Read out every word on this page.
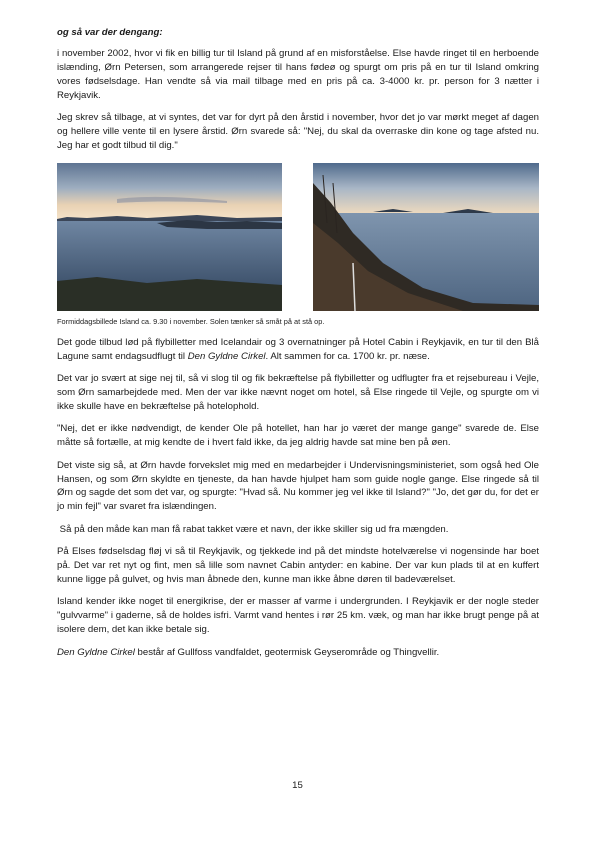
og så var der dengang:

i november 2002, hvor vi fik en billig tur til Island på grund af en misforståelse. Else havde ringet til en herboende islænding, Ørn Petersen, som arrangerede rejser til hans fødeø og spurgt om pris på en tur til Island omkring vores fødselsdage. Han vendte så via mail tilbage med en pris på ca. 3-4000 kr. pr. person for 3 nætter i Reykjavik.

Jeg skrev så tilbage, at vi syntes, det var for dyrt på den årstid i november, hvor det jo var mørkt meget af dagen og hellere ville vente til en lysere årstid. Ørn svarede så: "Nej, du skal da overraske din kone og tage afsted nu. Jeg har et godt tilbud til dig."

Formiddagsbillede Island ca. 9.30 i november. Solen tænker så småt på at stå op.

Det gode tilbud lød på flybilletter med Icelandair og 3 overnatninger på Hotel Cabin i Reykjavik, en tur til den Blå Lagune samt endagsudflugt til Den Gyldne Cirkel. Alt sammen for ca. 1700 kr. pr. næse.

Det var jo svært at sige nej til, så vi slog til og fik bekræftelse på flybilletter og udflugter fra et rejsebureau i Vejle, som Ørn samarbejdede med. Men der var ikke nævnt noget om hotel, så Else ringede til Vejle, og spurgte om vi ikke skulle have en bekræftelse på hotelophold.

"Nej, det er ikke nødvendigt, de kender Ole på hotellet, han har jo været der mange gange" svarede de. Else måtte så fortælle, at mig kendte de i hvert fald ikke, da jeg aldrig havde sat mine ben på øen.

Det viste sig så, at Ørn havde forvekslet mig med en medarbejder i Undervisningsministeriet, som også hed Ole Hansen, og som Ørn skyldte en tjeneste, da han havde hjulpet ham som guide nogle gange. Else ringede så til Ørn og sagde det som det var, og spurgte: "Hvad så. Nu kommer jeg vel ikke til Island?" "Jo, det gør du, for det er jo min fejl" var svaret fra islændingen.

Så på den måde kan man få rabat takket være et navn, der ikke skiller sig ud fra mængden.

På Elses fødselsdag fløj vi så til Reykjavik, og tjekkede ind på det mindste hotelværelse vi nogensinde har boet på. Det var ret nyt og fint, men så lille som navnet Cabin antyder: en kabine. Der var kun plads til at en kuffert kunne ligge på gulvet, og hvis man åbnede den, kunne man ikke åbne døren til badeværelset.

Island kender ikke noget til energikrise, der er masser af varme i undergrunden. I Reykjavik er der nogle steder "gulvvarme" i gaderne, så de holdes isfri. Varmt vand hentes i rør 25 km. væk, og man har ikke brugt penge på at isolere dem, det kan ikke betale sig.

Den Gyldne Cirkel består af Gullfoss vandfaldet, geotermisk Geyserområde og Thingvellir.

15
